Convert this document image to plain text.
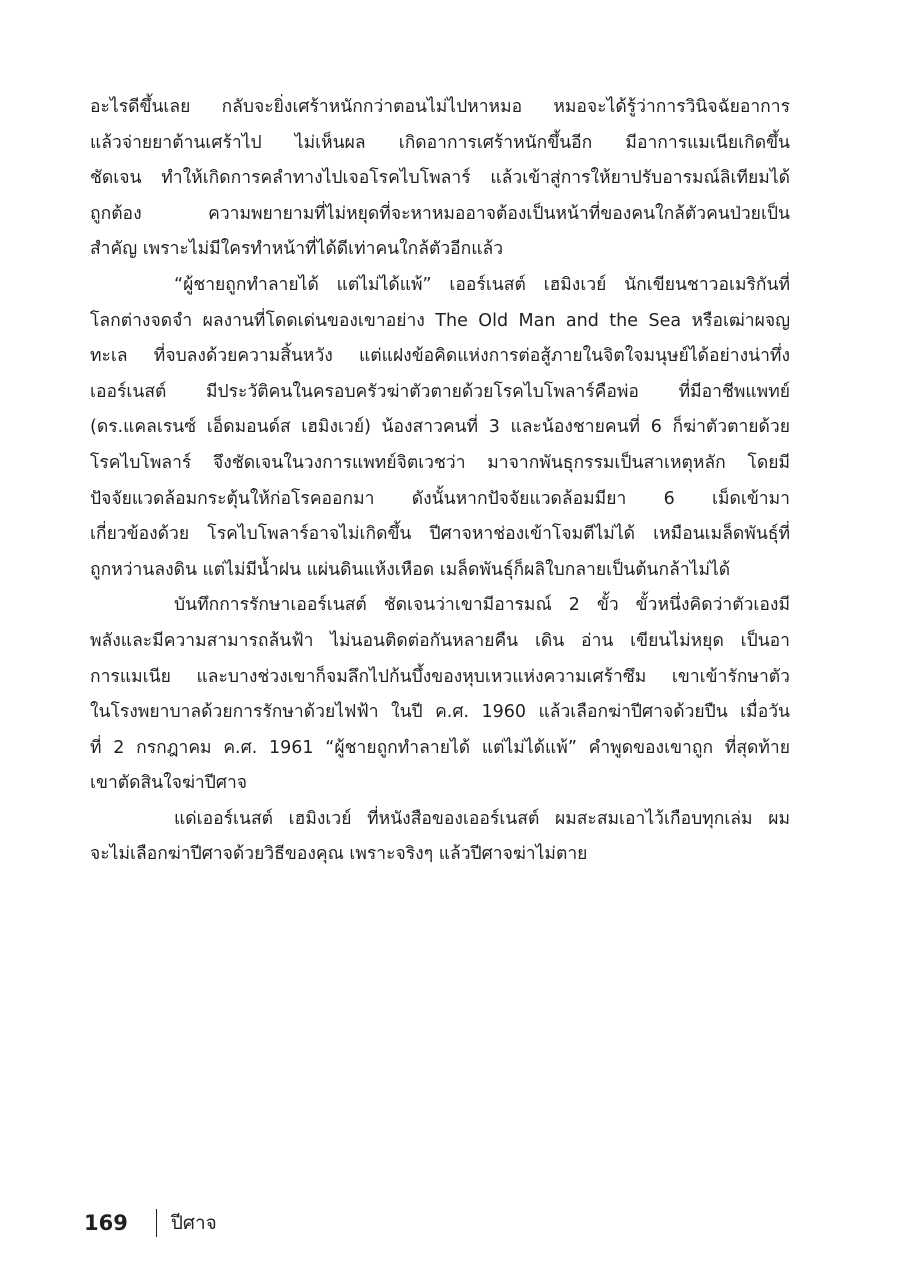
อะไรดีขึ้นเลย กลับจะยิ่งเศร้าหนักกว่าตอนไม่ไปหาหมอ หมอจะได้รู้ว่าการวินิจฉัยอาการ
แล้วจ่ายยาต้านเศร้าไป ไม่เห็นผล เกิดอาการเศร้าหนักขึ้นอีก มีอาการแมเนียเกิดขึ้น
ชัดเจน ทำให้เกิดการคลำทางไปเจอโรคไบโพลาร์ แล้วเข้าสู่การให้ยาปรับอารมณ์ลิเทียมได้
ถูกต้อง ความพยายามที่ไม่หยุดที่จะหาหมออาจต้องเป็นหน้าที่ของคนใกล้ตัวคนป่วยเป็น
สำคัญ เพราะไม่มีใครทำหน้าที่ได้ดีเท่าคนใกล้ตัวอีกแล้ว
“ผู้ชายถูกทำลายได้ แต่ไม่ได้แพ้” เออร์เนสต์ เฮมิงเวย์ นักเขียนชาวอเมริกันที่
โลกต่างจดจำ ผลงานที่โดดเด่นของเขาอย่าง The Old Man and the Sea หรือเฒ่าผจญ
ทะเล ที่จบลงด้วยความสิ้นหวัง แต่แฝงข้อคิดแห่งการต่อสู้ภายในจิตใจมนุษย์ได้อย่างน่าทึ่ง
เออร์เนสต์ มีประวัติคนในครอบครัวฆ่าตัวตายด้วยโรคไบโพลาร์คือพ่อ ที่มีอาชีพแพทย์
(ดร.แคลเรนซ์ เอ็ดมอนด์ส เฮมิงเวย์) น้องสาวคนที่ 3 และน้องชายคนที่ 6 ก็ฆ่าตัวตายด้วย
โรคไบโพลาร์ จึงชัดเจนในวงการแพทย์จิตเวชว่า มาจากพันธุกรรมเป็นสาเหตุหลัก โดยมี
ปัจจัยแวดล้อมกระตุ้นให้ก่อโรคออกมา ดังนั้นหากปัจจัยแวดล้อมมียา 6 เม็ดเข้ามา
เกี่ยวข้องด้วย โรคไบโพลาร์อาจไม่เกิดขึ้น ปีศาจหาช่องเข้าโจมตีไม่ได้ เหมือนเมล็ดพันธุ์ที่
ถูกหว่านลงดิน แต่ไม่มีน้ำฝน แผ่นดินแห้งเหือด เมล็ดพันธุ์ก็ผลิใบกลายเป็นต้นกล้าไม่ได้
บันทึกการรักษาเออร์เนสต์ ชัดเจนว่าเขามีอารมณ์ 2 ขั้ว ขั้วหนึ่งคิดว่าตัวเองมี
พลังและมีความสามารถล้นฟ้า ไม่นอนติดต่อกันหลายคืน เดิน อ่าน เขียนไม่หยุด เป็นอา
การแมเนีย และบางช่วงเขาก็จมลึกไปก้นบึ้งของหุบเหวแห่งความเศร้าซึม เขาเข้ารักษาตัว
ในโรงพยาบาลด้วยการรักษาด้วยไฟฟ้า ในปี ค.ศ. 1960 แล้วเลือกฆ่าปีศาจด้วยปืน เมื่อวัน
ที่ 2 กรกฎาคม ค.ศ. 1961 “ผู้ชายถูกทำลายได้ แต่ไม่ได้แพ้” คำพูดของเขาถูก ที่สุดท้าย
เขาตัดสินใจฆ่าปีศาจ
แด่เออร์เนสต์ เฮมิงเวย์ ที่หนังสือของเออร์เนสต์ ผมสะสมเอาไว้เกือบทุกเล่ม ผม
จะไม่เลือกฆ่าปีศาจด้วยวิธีของคุณ เพราะจริงๆ แล้วปีศาจฆ่าไม่ตาย
169 ปีศาจ
